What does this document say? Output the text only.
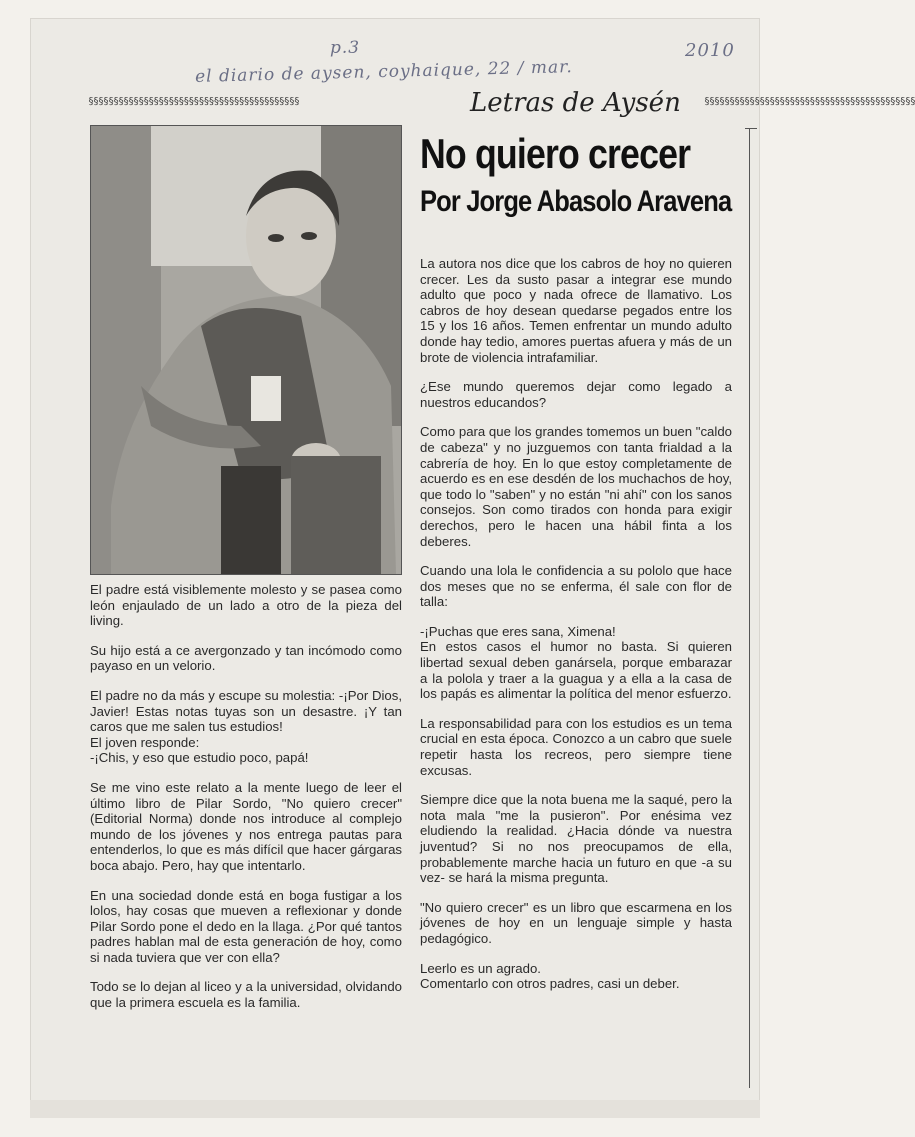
p.3	2010
el diario de aysen, coyhaique, 22 / mar.
§§§§§§§§§§§§§§§§§§§§§§§§§§§§§§§§§§§§§§§§§§	Letras de Aysén §§§§§§§§§§§§§§§§§§§§§§§§§§§§§§§§§§§§§§§§§§
No quiero crecer
Por Jorge Abasolo Aravena

El padre está visiblemente molesto y se pasea como león enjaulado de un lado a otro de la pieza del living.

Su hijo está a ce avergonzado y tan incómodo como payaso en un velorio.

El padre no da más y escupe su molestia: -¡Por Dios, Javier! Estas notas tuyas son un desastre. ¡Y tan caros que me salen tus estudios!
El joven responde:
-¡Chis, y eso que estudio poco, papá!

Se me vino este relato a la mente luego de leer el último libro de Pilar Sordo, "No quiero crecer" (Editorial Norma) donde nos introduce al complejo mundo de los jóvenes y nos entrega pautas para entenderlos, lo que es más difícil que hacer gárgaras boca abajo. Pero, hay que intentarlo.

En una sociedad donde está en boga fustigar a los lolos, hay cosas que mueven a reflexionar y donde Pilar Sordo pone el dedo en la llaga. ¿Por qué tantos padres hablan mal de esta generación de hoy, como si nada tuviera que ver con ella?

Todo se lo dejan al liceo y a la universidad, olvidando que la primera escuela es la familia.

La autora nos dice que los cabros de hoy no quieren crecer. Les da susto pasar a integrar ese mundo adulto que poco y nada ofrece de llamativo. Los cabros de hoy desean quedarse pegados entre los 15 y los 16 años. Temen enfrentar un mundo adulto donde hay tedio, amores puertas afuera y más de un brote de violencia intrafamiliar.

¿Ese mundo queremos dejar como legado a nuestros educandos?

Como para que los grandes tomemos un buen "caldo de cabeza" y no juzguemos con tanta frialdad a la cabrería de hoy. En lo que estoy completamente de acuerdo es en ese desdén de los muchachos de hoy, que todo lo "saben" y no están "ni ahí" con los sanos consejos. Son como tirados con honda para exigir derechos, pero le hacen una hábil finta a los deberes.

Cuando una lola le confidencia a su pololo que hace dos meses que no se enferma, él sale con flor de talla:

-¡Puchas que eres sana, Ximena!
En estos casos el humor no basta. Si quieren libertad sexual deben ganársela, porque embarazar a la polola y traer a la guagua y a ella a la casa de los papás es alimentar la política del menor esfuerzo.

La responsabilidad para con los estudios es un tema crucial en esta época. Conozco a un cabro que suele repetir hasta los recreos, pero siempre tiene excusas.

Siempre dice que la nota buena me la saqué, pero la nota mala "me la pusieron". Por enésima vez eludiendo la realidad. ¿Hacia dónde va nuestra juventud? Si no nos preocupamos de ella, probablemente marche hacia un futuro en que -a su vez- se hará la misma pregunta.

"No quiero crecer" es un libro que escarmena en los jóvenes de hoy en un lenguaje simple y hasta pedagógico.

Leerlo es un agrado.
Comentarlo con otros padres, casi un deber.
